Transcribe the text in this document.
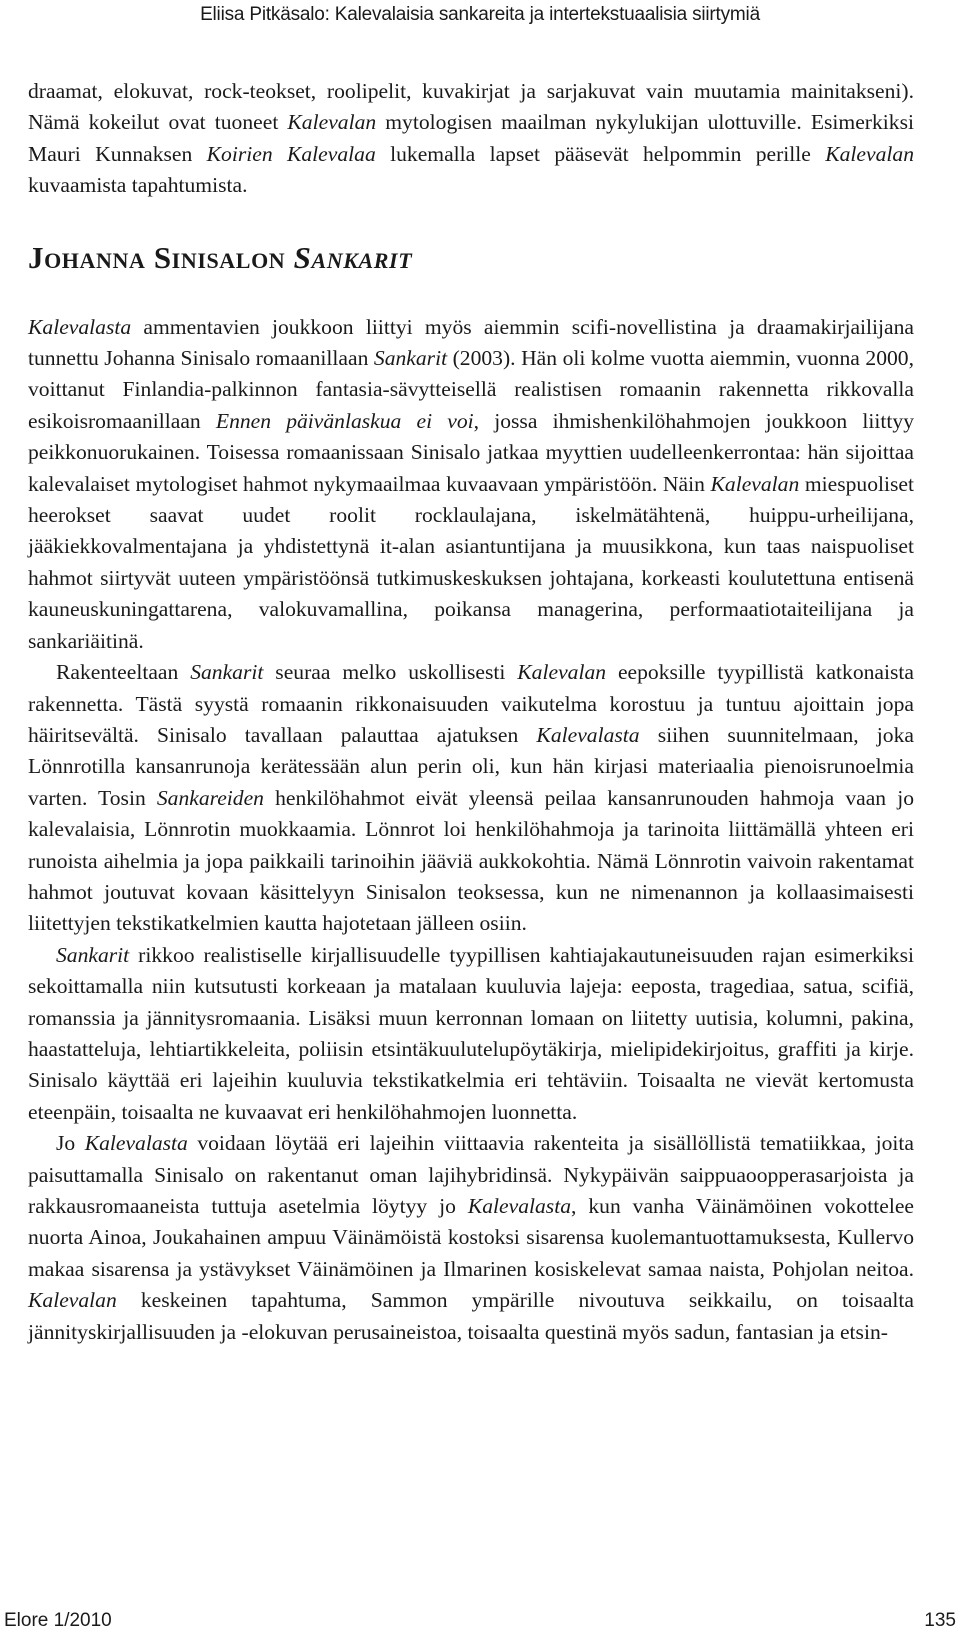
Eliisa Pitkäsalo: Kalevalaisia sankareita ja intertekstuaalisia siirtymiä

draamat, elokuvat, rock-teokset, roolipelit, kuvakirjat ja sarjakuvat vain muutamia mainitakseni). Nämä kokeilut ovat tuoneet Kalevalan mytologisen maailman nykylukijan ulottuville. Esimerkiksi Mauri Kunnaksen Koirien Kalevalaa lukemalla lapset pääsevät helpommin perille Kalevalan kuvaamista tapahtumista.

Johanna Sinisalon Sankarit

Kalevalasta ammentavien joukkoon liittyi myös aiemmin scifi-novellistina ja draamakirjailijana tunnettu Johanna Sinisalo romaanillaan Sankarit (2003). Hän oli kolme vuotta aiemmin, vuonna 2000, voittanut Finlandia-palkinnon fantasia-sävytteisellä realistisen romaanin rakennetta rikkovalla esikoisromaanillaan Ennen päivänlaskua ei voi, jossa ihmishenkilöhahmojen joukkoon liittyy peikkonuorukainen. Toisessa romaanissaan Sinisalo jatkaa myyttien uudelleenkerrontaa: hän sijoittaa kalevalaiset mytologiset hahmot nykymaailmaa kuvaavaan ympäristöön. Näin Kalevalan miespuoliset heerokset saavat uudet roolit rocklaulajana, iskelmätähtenä, huippu-urheilijana, jääkiekkovalmentajana ja yhdistettynä it-alan asiantuntijana ja muusikkona, kun taas naispuoliset hahmot siirtyvät uuteen ympäristöönsä tutkimuskeskuksen johtajana, korkeasti koulutettuna entisenä kauneuskuningattarena, valokuvamallina, poikansa managerina, performaatiotaiteilijana ja sankariäitinä.

Rakenteeltaan Sankarit seuraa melko uskollisesti Kalevalan eepoksille tyypillistä katkonaista rakennetta. Tästä syystä romaanin rikkonaisuuden vaikutelma korostuu ja tuntuu ajoittain jopa häiritsevältä. Sinisalo tavallaan palauttaa ajatuksen Kalevalasta siihen suunnitelmaan, joka Lönnrotilla kansanrunoja kerätessään alun perin oli, kun hän kirjasi materiaalia pienoisrunoelmia varten. Tosin Sankareiden henkilöhahmot eivät yleensä peilaa kansanrunouden hahmoja vaan jo kalevalaisia, Lönnrotin muokkaamia. Lönnrot loi henkilöhahmoja ja tarinoita liittämällä yhteen eri runoista aihelmia ja jopa paikkaili tarinoihin jääviä aukkokohtia. Nämä Lönnrotin vaivoin rakentamat hahmot joutuvat kovaan käsittelyyn Sinisalon teoksessa, kun ne nimenannon ja kollaasimaisesti liitettyjen tekstikatkelmien kautta hajotetaan jälleen osiin.

Sankarit rikkoo realistiselle kirjallisuudelle tyypillisen kahtiajakautuneisuuden rajan esimerkiksi sekoittamalla niin kutsutusti korkeaan ja matalaan kuuluvia lajeja: eeposta, tragediaa, satua, scifiä, romanssia ja jännitysromaania. Lisäksi muun kerronnan lomaan on liitetty uutisia, kolumni, pakina, haastatteluja, lehtiartikkeleita, poliisin etsintäkuulutelupöytäkirja, mielipidekirjoitus, graffiti ja kirje. Sinisalo käyttää eri lajeihin kuuluvia tekstikatkelmia eri tehtäviin. Toisaalta ne vievät kertomusta eteenpäin, toisaalta ne kuvaavat eri henkilöhahmojen luonnetta.

Jo Kalevalasta voidaan löytää eri lajeihin viittaavia rakenteita ja sisällöllistä tematiikkaa, joita paisuttamalla Sinisalo on rakentanut oman lajihybridinsä. Nykypäivän saippuaoopperasarjoista ja rakkausromaaneista tuttuja asetelmia löytyy jo Kalevalasta, kun vanha Väinämöinen vokottelee nuorta Ainoa, Joukahainen ampuu Väinämöistä kostoksi sisarensa kuolemantuottamuksesta, Kullervo makaa sisarensa ja ystävykset Väinämöinen ja Ilmarinen kosiskelevat samaa naista, Pohjolan neitoa. Kalevalan keskeinen tapahtuma, Sammon ympärille nivoutuva seikkailu, on toisaalta jännityskirjallisuuden ja -elokuvan perusaineistoa, toisaalta questinä myös sadun, fantasian ja etsin-

Elore 1/2010	135
